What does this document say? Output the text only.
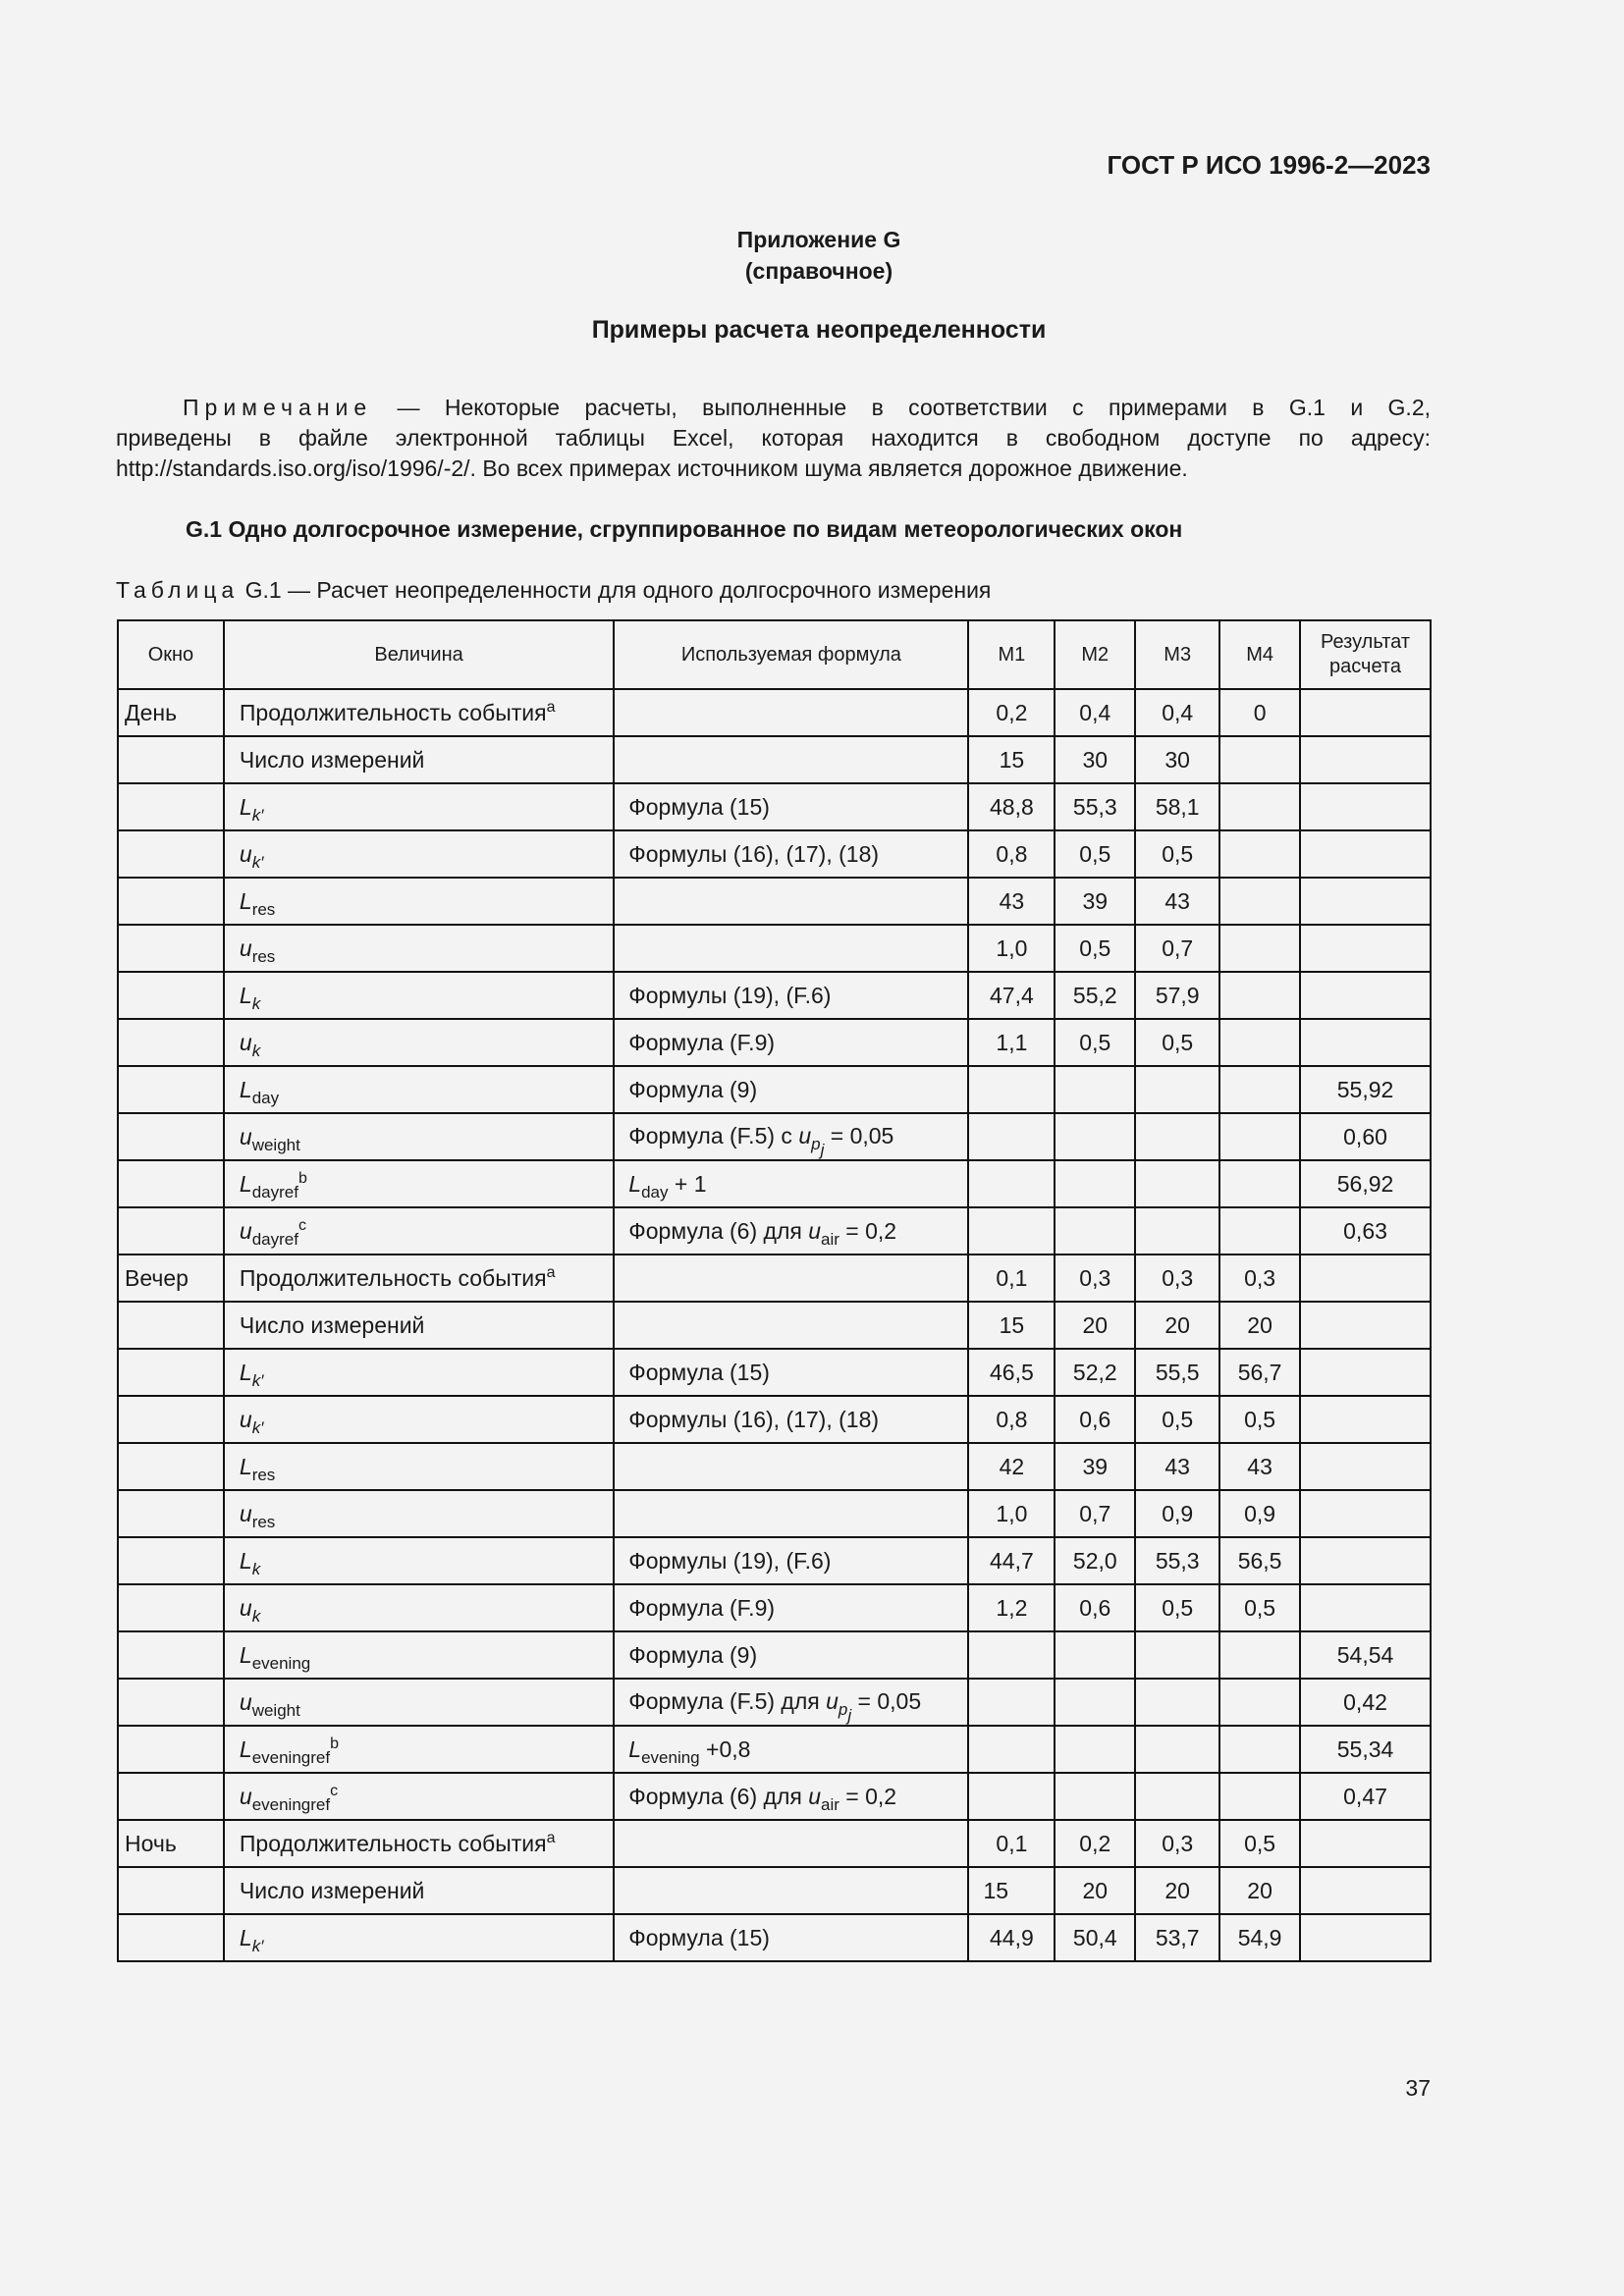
ГОСТ Р ИСО 1996-2—2023
Приложение G
(справочное)
Примеры расчета неопределенности

Примечание — Некоторые расчеты, выполненные в соответствии с примерами в G.1 и G.2,

приведены в файле электронной таблицы Excel, которая находится в свободном доступе по адресу:

http://standards.iso.org/iso/1996/-2/. Во всех примерах источником шума является дорожное движение.

G.1 Одно долгосрочное измерение, сгруппированное по видам метеорологических окон
Таблица G.1 — Расчет неопределенности для одного долгосрочного измерения
Окно	Величина	Используемая формула	M1	M2	M3	M4	Результат
расчета
День	Продолжительность события$^a$		0,2	0,4	0,4	0	
	Число измерений		15	30	30		
	$L_{k'}$	Формула (15)	48,8	55,3	58,1		
	$u_{k'}$	Формулы (16), (17), (18)	0,8	0,5	0,5		
	$L_{res}$		43	39	43		
	$u_{res}$		1,0	0,5	0,7		
	$L_k$	Формулы (19), (F.6)	47,4	55,2	57,9		
	$u_k$	Формула (F.9)	1,1	0,5	0,5		
	$L_{day}$	Формула (9)					55,92
	$u_{weight}$	Формула (F.5) с $u_{p_j} = 0,05$					0,60
	$L_{dayref}^b$	$L_{day} + 1$					56,92
	$u_{dayref}^c$	Формула (6) для $u_{air} = 0,2$					0,63
Вечер	Продолжительность события$^a$		0,1	0,3	0,3	0,3	
	Число измерений		15	20	20	20	
	$L_{k'}$	Формула (15)	46,5	52,2	55,5	56,7	
	$u_{k'}$	Формулы (16), (17), (18)	0,8	0,6	0,5	0,5	
	$L_{res}$		42	39	43	43	
	$u_{res}$		1,0	0,7	0,9	0,9	
	$L_k$	Формулы (19), (F.6)	44,7	52,0	55,3	56,5	
	$u_k$	Формула (F.9)	1,2	0,6	0,5	0,5	
	$L_{evening}$	Формула (9)					54,54
	$u_{weight}$	Формула (F.5) для $u_{p_j} = 0,05$					0,42
	$L_{eveningref}^b$	$L_{evening} +0,8$					55,34
	$u_{eveningref}^c$	Формула (6) для $u_{air} = 0,2$					0,47
Ночь	Продолжительность события$^a$		0,1	0,2	0,3	0,5	
	Число измерений		15	20	20	20	
	$L_{k'}$	Формула (15)	44,9	50,4	53,7	54,9	
37
